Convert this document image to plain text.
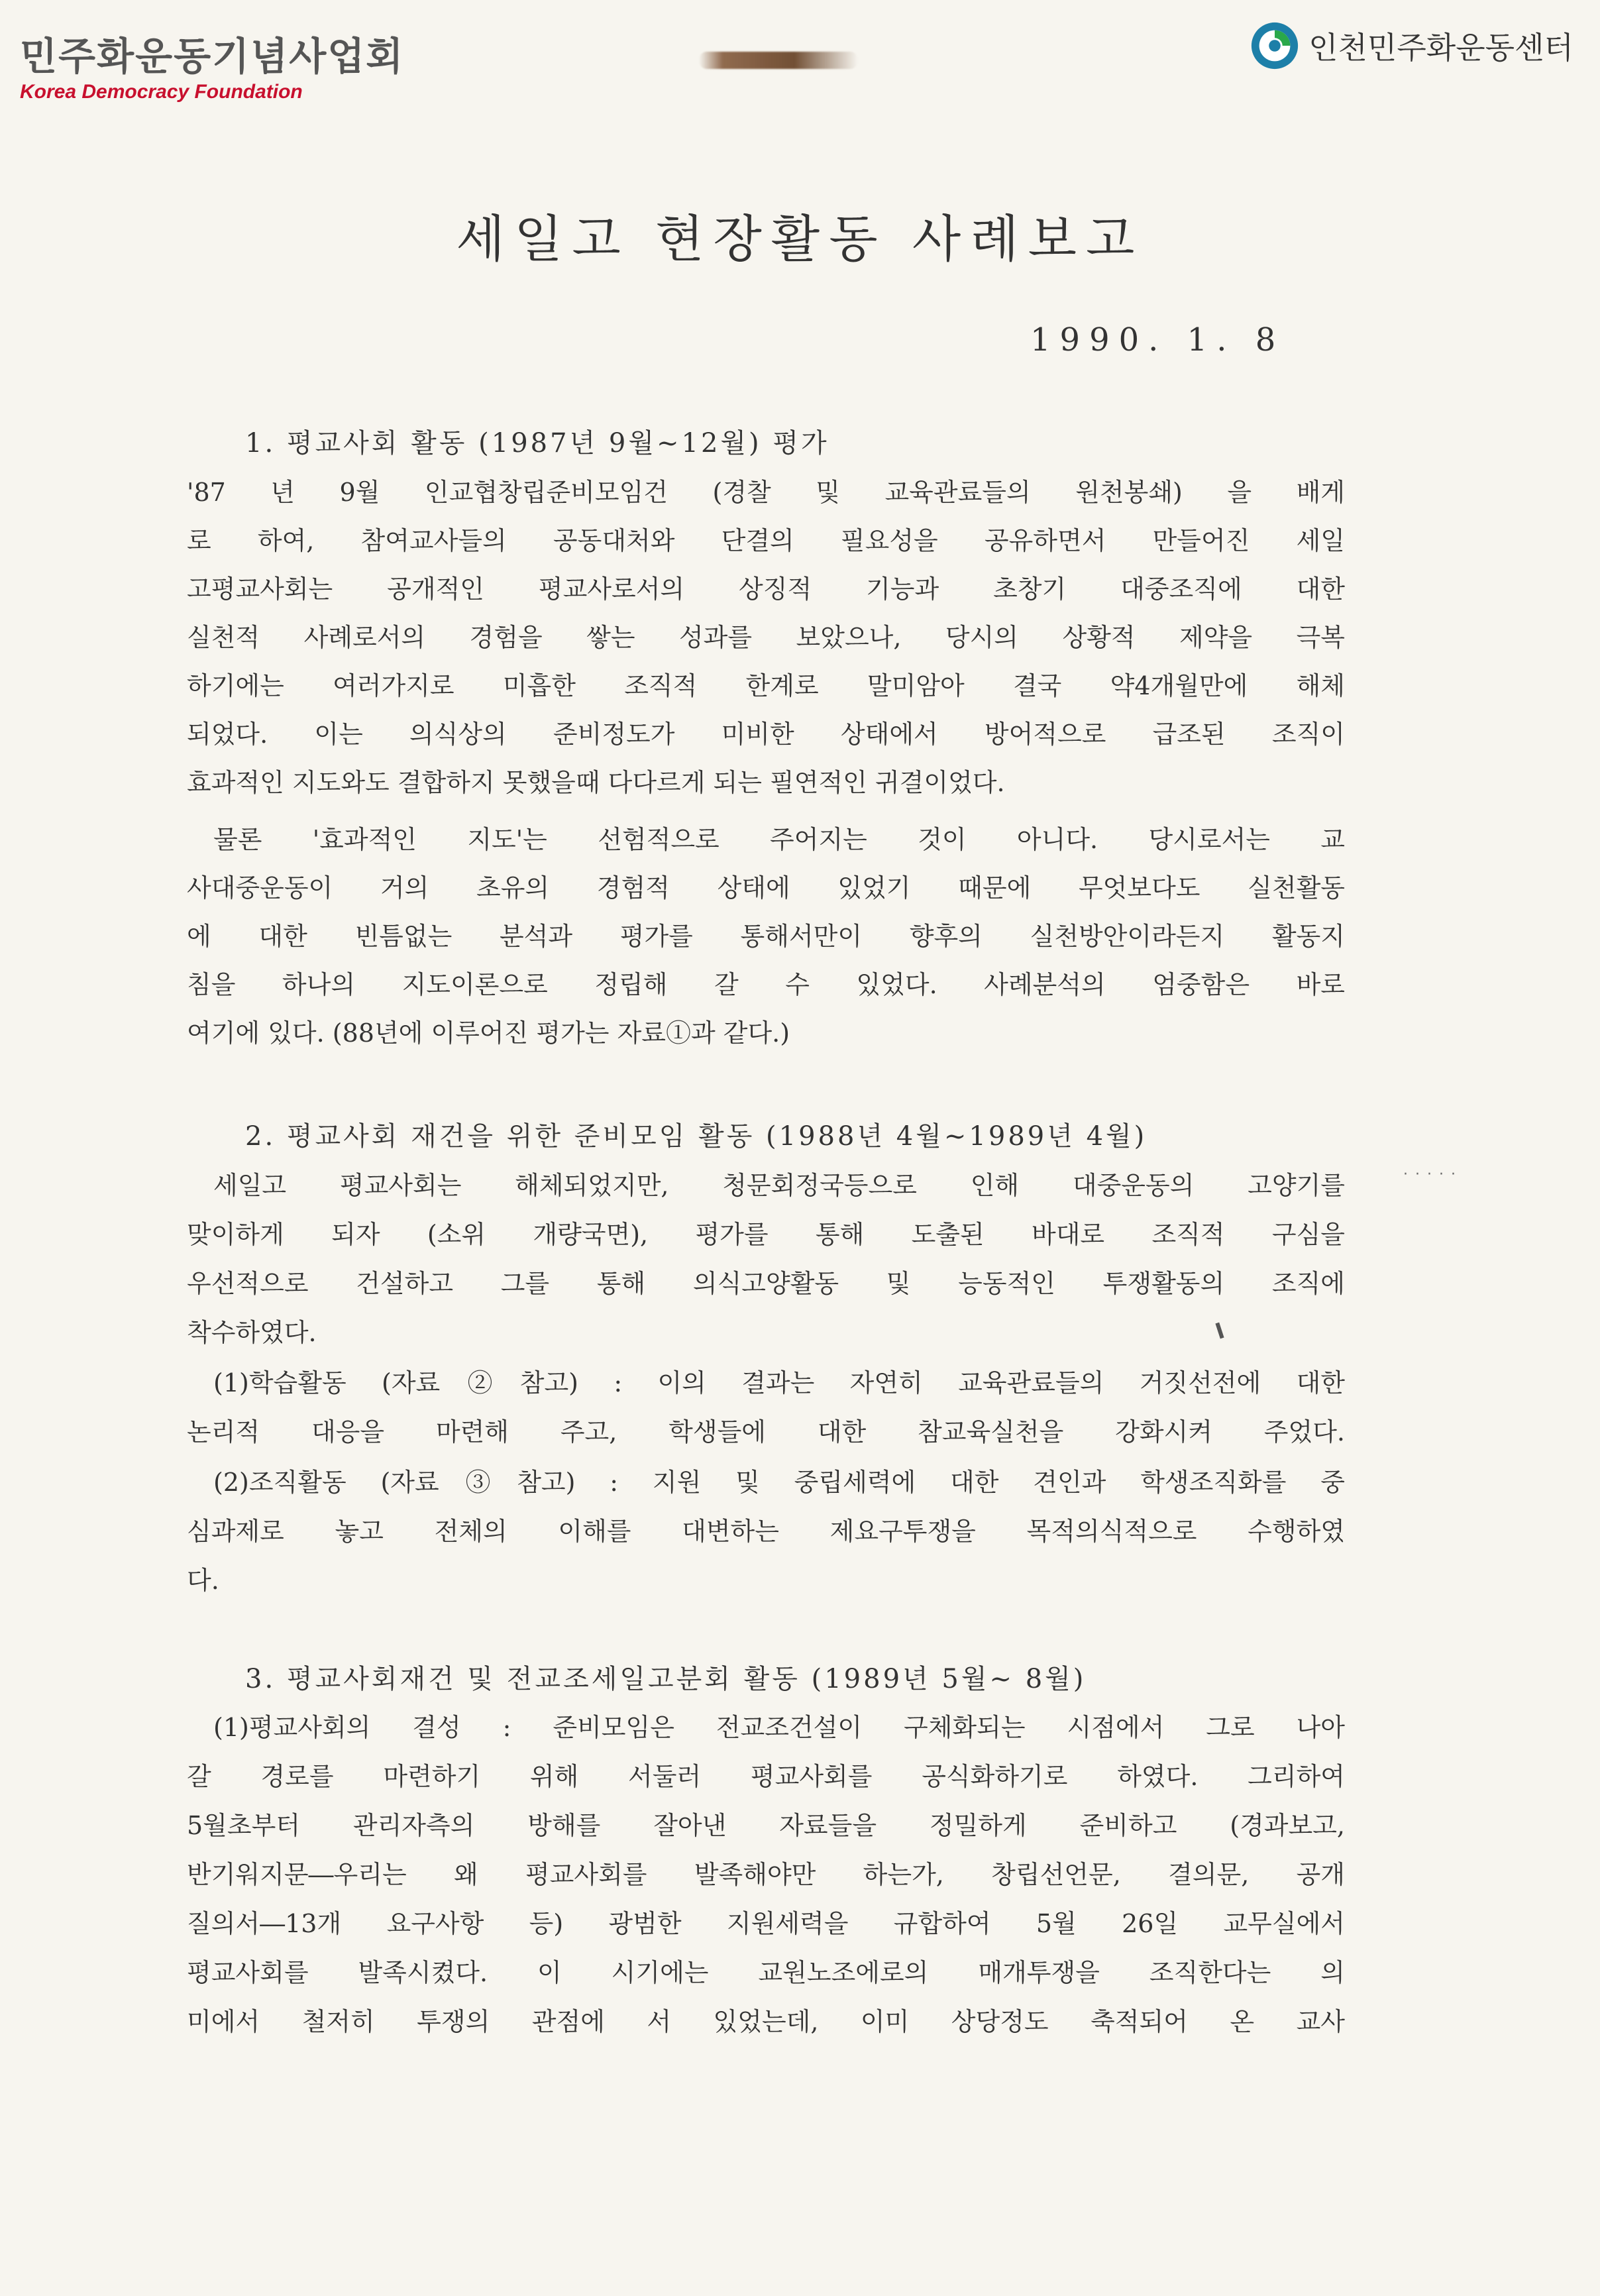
민주화운동기념사업회
Korea Democracy Foundation
인천민주화운동센터
세일고 현장활동 사례보고
1990. 1. 8
1. 평교사회 활동 (1987년 9월~12월) 평가
'87 년 9월 인교협창립준비모임건 (경찰 및 교육관료들의 원천봉쇄) 을 배게
로 하여, 참여교사들의 공동대처와 단결의 필요성을 공유하면서 만들어진 세일
고평교사회는 공개적인 평교사로서의 상징적 기능과 초창기 대중조직에 대한
실천적 사례로서의 경험을 쌓는 성과를 보았으나, 당시의 상황적 제약을 극복
하기에는 여러가지로 미흡한 조직적 한계로 말미암아 결국 약4개월만에 해체
되었다. 이는 의식상의 준비정도가 미비한 상태에서 방어적으로 급조된 조직이
효과적인 지도와도 결합하지 못했을때 다다르게 되는 필연적인 귀결이었다.
물론 '효과적인 지도'는 선험적으로 주어지는 것이 아니다. 당시로서는 교
사대중운동이 거의 초유의 경험적 상태에 있었기 때문에 무엇보다도 실천활동
에 대한 빈틈없는 분석과 평가를 통해서만이 향후의 실천방안이라든지 활동지
침을 하나의 지도이론으로 정립해 갈 수 있었다. 사례분석의 엄중함은 바로
여기에 있다. (88년에 이루어진 평가는 자료①과 같다.)
2. 평교사회 재건을 위한 준비모임 활동 (1988년 4월~1989년 4월)
세일고 평교사회는 해체되었지만, 청문회정국등으로 인해 대중운동의 고양기를
맞이하게 되자 (소위 개량국면), 평가를 통해 도출된 바대로 조직적 구심을
우선적으로 건설하고 그를 통해 의식고양활동 및 능동적인 투쟁활동의 조직에
착수하였다.
(1)학습활동 (자료②참고) : 이의 결과는 자연히 교육관료들의 거짓선전에 대한
논리적 대응을 마련해 주고, 학생들에 대한 참교육실천을 강화시켜 주었다.
(2)조직활동 (자료③참고) : 지원 및 중립세력에 대한 견인과 학생조직화를 중
심과제로 놓고 전체의 이해를 대변하는 제요구투쟁을 목적의식적으로 수행하였
다.
3. 평교사회재건 및 전교조세일고분회 활동 (1989년 5월~ 8월)
(1)평교사회의 결성 : 준비모임은 전교조건설이 구체화되는 시점에서 그로 나아
갈 경로를 마련하기 위해 서둘러 평교사회를 공식화하기로 하였다. 그리하여
5월초부터 관리자측의 방해를 잘아낸 자료들을 정밀하게 준비하고 (경과보고,
반기워지문―우리는 왜 평교사회를 발족해야만 하는가, 창립선언문, 결의문, 공개
질의서―13개 요구사항 등) 광범한 지원세력을 규합하여 5월 26일 교무실에서
평교사회를 발족시켰다. 이 시기에는 교원노조에로의 매개투쟁을 조직한다는 의
미에서 철저히 투쟁의 관점에 서 있었는데, 이미 상당정도 축적되어 온 교사
· · · · ·
